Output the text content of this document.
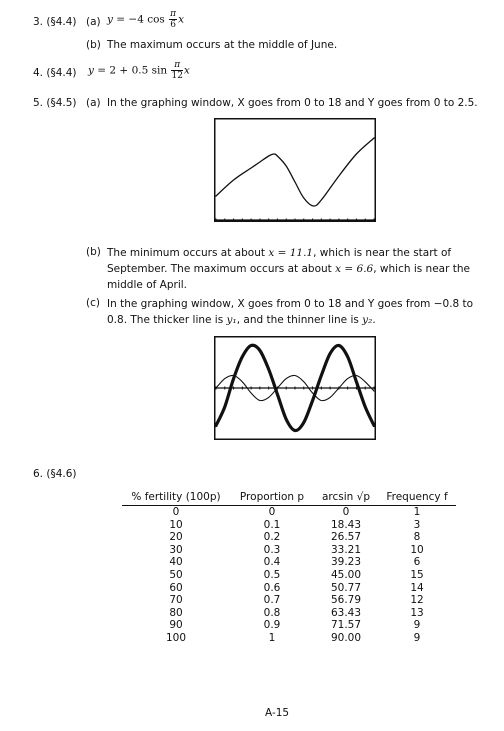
3. (§4.4) (a) y = −4 $\cos \frac{\pi}{6}$ x
(b) The maximum occurs at the middle of June.
4. (§4.4) y = 2 + 0.5 $\sin \frac{\pi}{12}$ x
5. (§4.5) (a) In the graphing window, X goes from 0 to 18 and Y goes from 0 to 2.5.
(b) The minimum occurs at about x = 11.1, which is near the start of September. The maximum occurs at about x = 6.6, which is near the middle of April.
(c) In the graphing window, X goes from 0 to 18 and Y goes from −0.8 to 0.8. The thicker line is y₁, and the thinner line is y₂.
6. (§4.6)
% fertility (100p)	Proportion p	arcsin √p	Frequency f
0	0	0	1
10	0.1	18.43	3
20	0.2	26.57	8
30	0.3	33.21	10
40	0.4	39.23	6
50	0.5	45.00	15
60	0.6	50.77	14
70	0.7	56.79	12
80	0.8	63.43	13
90	0.9	71.57	9
100	1	90.00	9
A-15
